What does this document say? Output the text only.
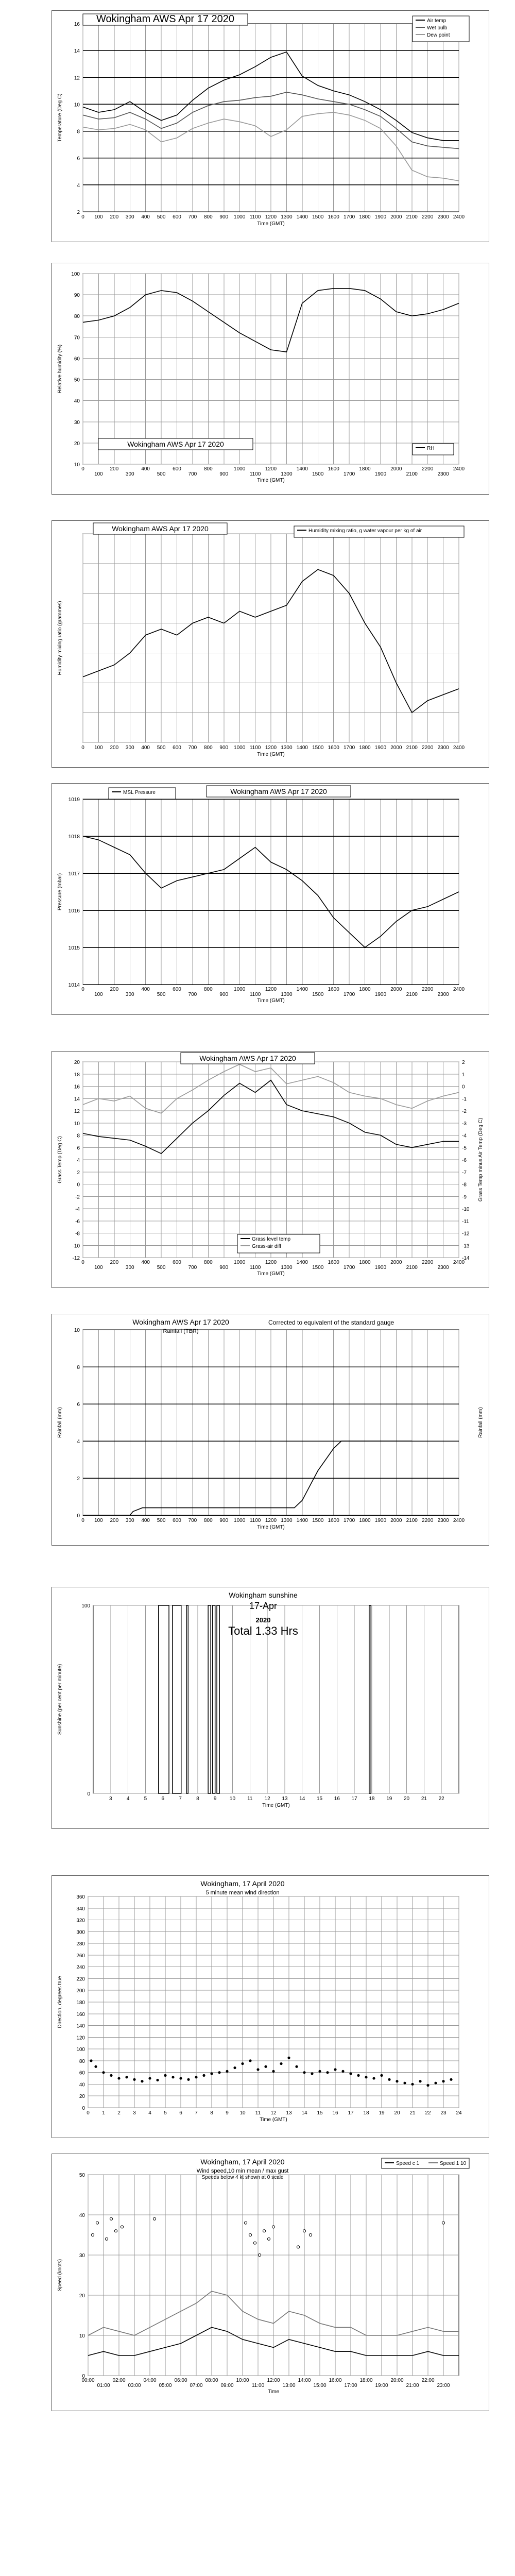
0 100 200 300 400 500 600 700 800 900 1000 1100 1200 1300 1400 1500 1600 1700 1800 1900 2000 2100 2200 2300 2400
2
4
6
8
10
12
14
16
Time (GMT)
Temperature (Deg C)
Wokingham AWS Apr 17 2020	Air temp
Wet bulb
Dew point
0
100
200
300
400
500
600
700
800
900
1000
1100
1200
1300
1400
1500
1600
1700
1800
1900
2000
2100
2200
2300
2400
10
20
30
40
50
60
70
80
90
100
Time (GMT)
Relative humidity (%)
Wokingham AWS Apr 17 2020
RH
0 100 200 300 400 500 600 700 800 900 1000 1100 1200 1300 1400 1500 1600 1700 1800 1900 2000 2100 2200 2300 2400
Time (GMT)
Humidity mixing ratio (grammes)
Wokingham AWS Apr 17 2020	Humidity mixing ratio, g water vapour per kg of air
0
100
200
300
400
500
600
700
800
900
1000
1100
1200
1300
1400
1500
1600
1700
1800
1900
2000
2100
2200
2300
2400
1014
1015
1016
1017
1018
1019
Time (GMT)
Pressure (mbar)
Wokingham AWS Apr 17 2020
MSL Pressure
0
100
200
300
400
500
600
700
800
900
1000
1100
1200
1300
1400
1500
1600
1700
1800
1900
2000
2100
2200
2300
2400
-12
-10
-8
-6
-4
-2
0
2
4
6
8
10
12
14
16
18
20
-14
-13
-12
-11
-10
-9
-8
-7
-6
-5
-4
-3
-2
-1
0
1
2
Time (GMT)
Grass Temp (Deg C)	Grass Temp minus Air Temp (Deg C)
Wokingham AWS Apr 17 2020
Grass level temp
Grass-air diff
0 100 200 300 400 500 600 700 800 900 1000 1100 1200 1300 1400 1500 1600 1700 1800 1900 2000 2100 2200 2300 2400
0
2
4
6
8
10
Time (GMT)
Rainfall (mm)	Rainfall (mm)
Wokingham AWS Apr 17 2020
Rainfall (TBR)
Corrected to equivalent of the standard gauge
3	4	5	6	7	8	9	10 11 12 13 14 15 16 17 18 19 20 21 22
0
100
Time (GMT)
Sunshine (per cent per minute)
Wokingham sunshine
17-Apr
2020
Total 1.33 Hrs
0 1 2 3 4 5 6 7 8 9 10 11 12 13 14 15 16 17 18 19 20 21 22 23 24
0
20
40
60
80
100
120
140
160
180
200
220
240
260
280
300
320
340
360
Time (GMT)
Direction, degrees true
Wokingham, 17 April 2020
5 minute mean wind direction
00:00
01:00
02:00
03:00
04:00
05:00
06:00
07:00
08:00
09:00
10:00
11:00
12:00
13:00
14:00
15:00
16:00
17:00
18:00
19:00
20:00
21:00
22:00
23:00
0
10
20
30
40
50
Time
Speed (knots)
Wokingham, 17 April 2020
Wind speed,10 min mean / max gust
Speeds below 4 kt shown at 0 scale
Speed c 1	Speed 1 10
